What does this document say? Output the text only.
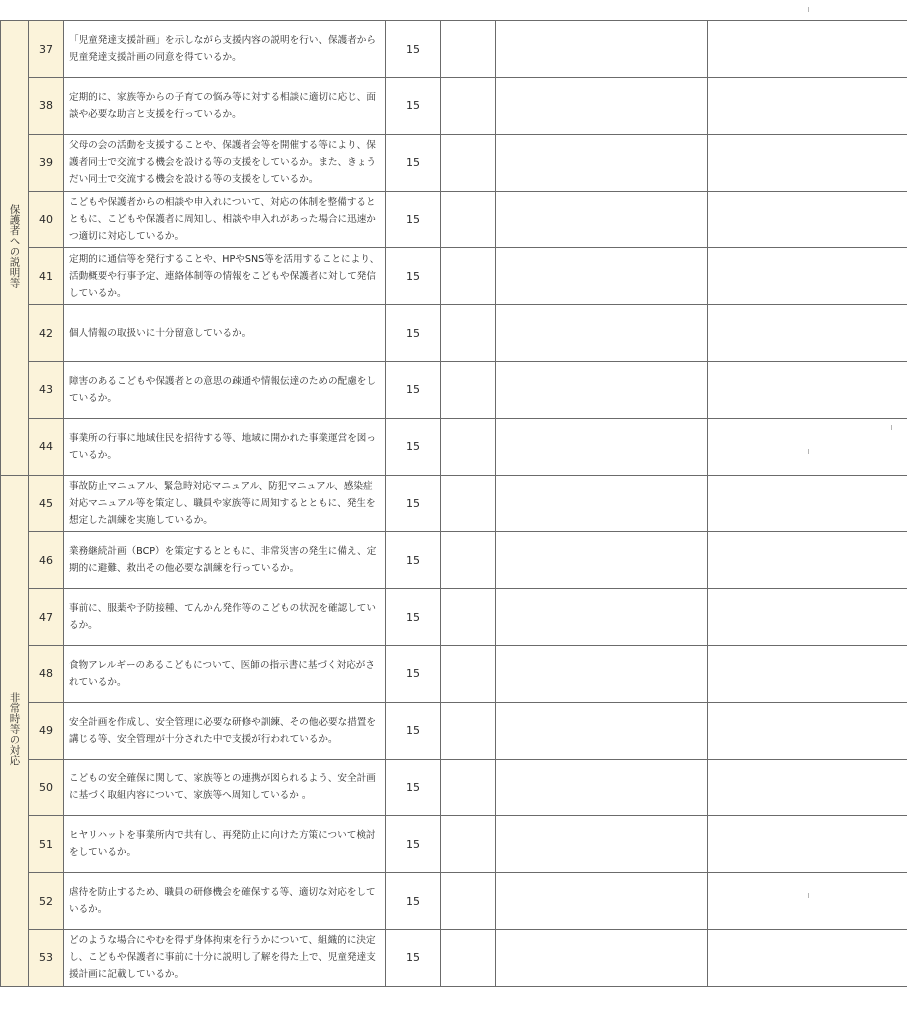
保護者への説明等	37	「児童発達支援計画」を示しながら支援内容の説明を行い、保護者から児童発達支援計画の同意を得ているか。	15			
	38	定期的に、家族等からの子育ての悩み等に対する相談に適切に応じ、面談や必要な助言と支援を行っているか。	15			
	39	父母の会の活動を支援することや、保護者会等を開催する等により、保護者同士で交流する機会を設ける等の支援をしているか。また、きょうだい同士で交流する機会を設ける等の支援をしているか。	15			
	40	こどもや保護者からの相談や申入れについて、対応の体制を整備するとともに、こどもや保護者に周知し、相談や申入れがあった場合に迅速かつ適切に対応しているか。	15			
	41	定期的に通信等を発行することや、HPやSNS等を活用することにより、活動概要や行事予定、連絡体制等の情報をこどもや保護者に対して発信しているか。	15			
	42	個人情報の取扱いに十分留意しているか。	15			
	43	障害のあるこどもや保護者との意思の疎通や情報伝達のための配慮をしているか。	15			
	44	事業所の行事に地域住民を招待する等、地域に開かれた事業運営を図っているか。	15			
非常時等の対応	45	事故防止マニュアル、緊急時対応マニュアル、防犯マニュアル、感染症対応マニュアル等を策定し、職員や家族等に周知するとともに、発生を想定した訓練を実施しているか。	15			
	46	業務継続計画（BCP）を策定するとともに、非常災害の発生に備え、定期的に避難、救出その他必要な訓練を行っているか。	15			
	47	事前に、服薬や予防接種、てんかん発作等のこどもの状況を確認しているか。	15			
	48	食物アレルギーのあるこどもについて、医師の指示書に基づく対応がされているか。	15			
	49	安全計画を作成し、安全管理に必要な研修や訓練、その他必要な措置を講じる等、安全管理が十分された中で支援が行われているか。	15			
	50	こどもの安全確保に関して、家族等との連携が図られるよう、安全計画に基づく取組内容について、家族等へ周知しているか 。	15			
	51	ヒヤリハットを事業所内で共有し、再発防止に向けた方策について検討をしているか。	15			
	52	虐待を防止するため、職員の研修機会を確保する等、適切な対応をしているか。	15			
	53	どのような場合にやむを得ず身体拘束を行うかについて、組織的に決定し、こどもや保護者に事前に十分に説明し了解を得た上で、児童発達支援計画に記載しているか。	15			
